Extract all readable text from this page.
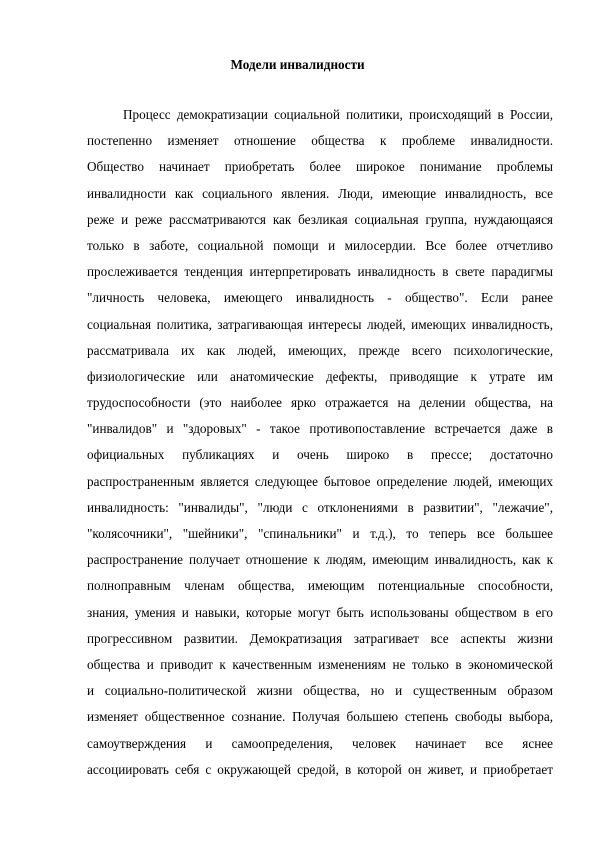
Модели инвалидности
Процесс демократизации социальной политики, происходящий в России,
постепенно изменяет отношение общества к проблеме инвалидности.
Общество начинает приобретать более широкое понимание проблемы
инвалидности как социального явления. Люди, имеющие инвалидность, все
реже и реже рассматриваются как безликая социальная группа, нуждающаяся
только в заботе, социальной помощи и милосердии. Все более отчетливо
прослеживается тенденция интерпретировать инвалидность в свете парадигмы
"личность человека, имеющего инвалидность - общество". Если ранее
социальная политика, затрагивающая интересы людей, имеющих инвалидность,
рассматривала их как людей, имеющих, прежде всего психологические,
физиологические или анатомические дефекты, приводящие к утрате им
трудоспособности (это наиболее ярко отражается на делении общества, на
"инвалидов" и "здоровых" - такое противопоставление встречается даже в
официальных публикациях и очень широко в прессе; достаточно
распространенным является следующее бытовое определение людей, имеющих
инвалидность: "инвалиды", "люди с отклонениями в развитии", "лежачие",
"колясочники", "шейники", "спинальники" и т.д.), то теперь все большее
распространение получает отношение к людям, имеющим инвалидность, как к
полноправным членам общества, имеющим потенциальные способности,
знания, умения и навыки, которые могут быть использованы обществом в его
прогрессивном развитии. Демократизация затрагивает все аспекты жизни
общества и приводит к качественным изменениям не только в экономической
и социально-политической жизни общества, но и существенным образом
изменяет общественное сознание. Получая большею степень свободы выбора,
самоутверждения и самоопределения, человек начинает все яснее
ассоциировать себя с окружающей средой, в которой он живет, и приобретает
